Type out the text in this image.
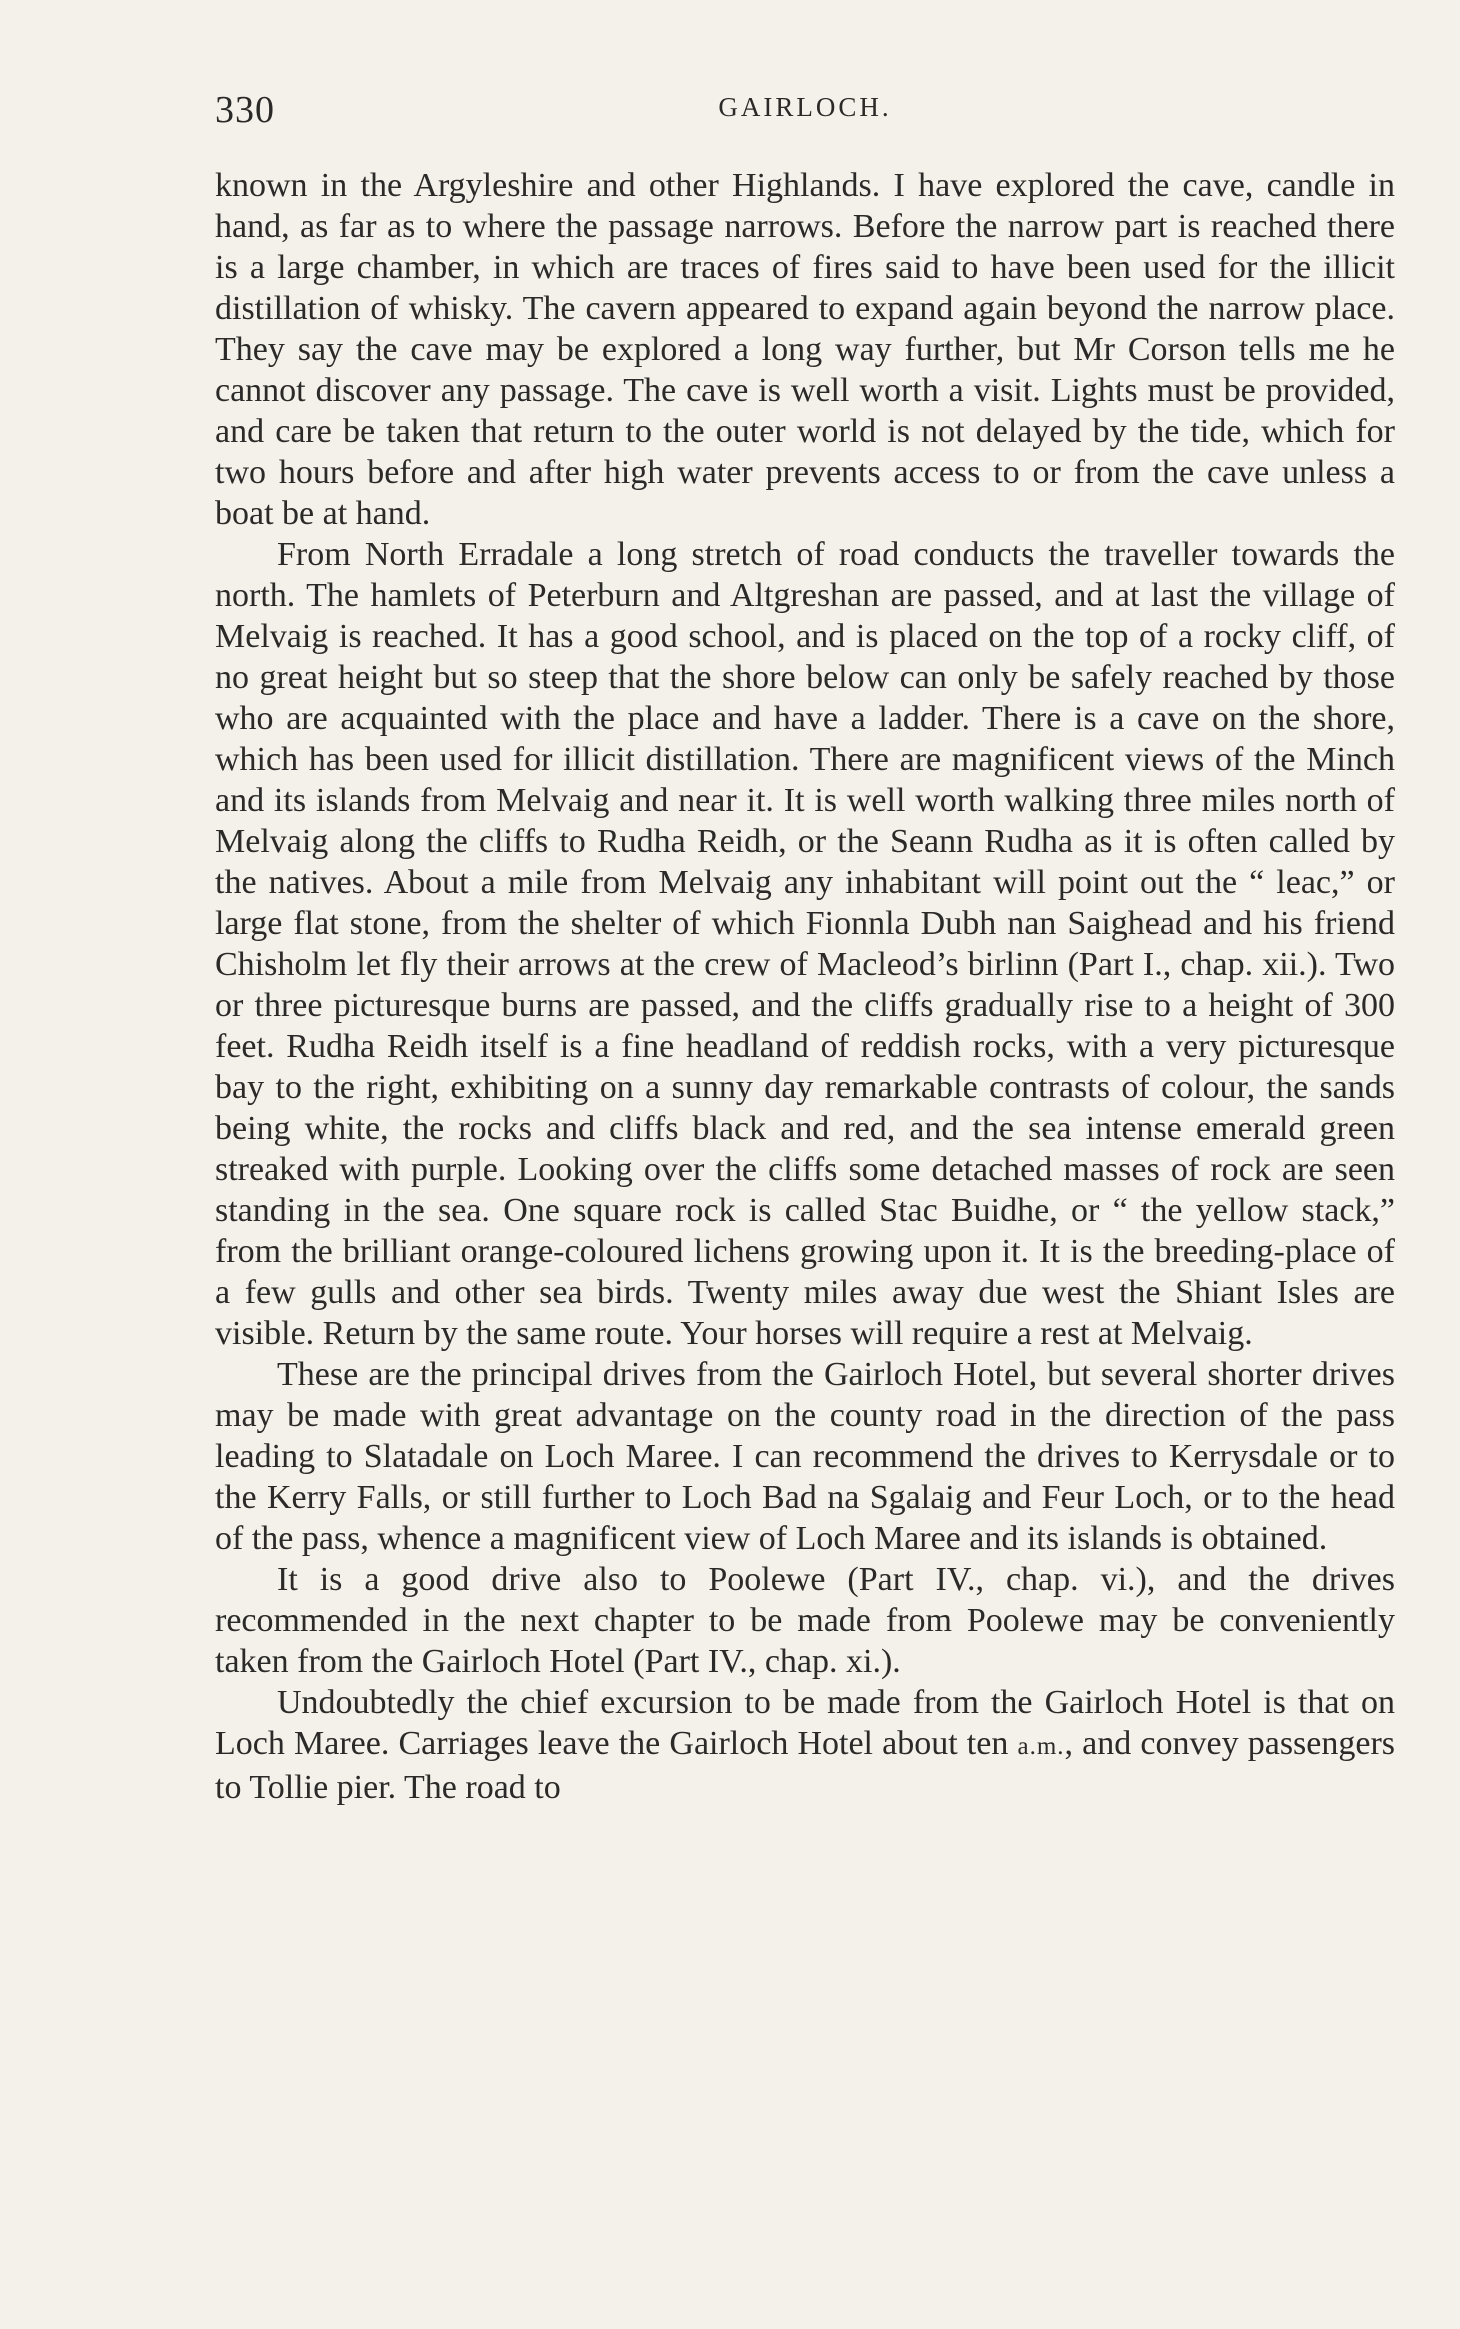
330	GAIRLOCH.

known in the Argyleshire and other Highlands. I have explored the cave, candle in hand, as far as to where the passage narrows. Before the narrow part is reached there is a large chamber, in which are traces of fires said to have been used for the illicit distillation of whisky. The cavern appeared to expand again beyond the narrow place. They say the cave may be explored a long way further, but Mr Corson tells me he cannot discover any passage. The cave is well worth a visit. Lights must be provided, and care be taken that return to the outer world is not delayed by the tide, which for two hours before and after high water prevents access to or from the cave unless a boat be at hand.

From North Erradale a long stretch of road conducts the traveller towards the north. The hamlets of Peterburn and Altgreshan are passed, and at last the village of Melvaig is reached. It has a good school, and is placed on the top of a rocky cliff, of no great height but so steep that the shore below can only be safely reached by those who are acquainted with the place and have a ladder. There is a cave on the shore, which has been used for illicit distillation. There are magnificent views of the Minch and its islands from Melvaig and near it. It is well worth walking three miles north of Melvaig along the cliffs to Rudha Reidh, or the Seann Rudha as it is often called by the natives. About a mile from Melvaig any inhabitant will point out the “ leac,” or large flat stone, from the shelter of which Fionnla Dubh nan Saighead and his friend Chisholm let fly their arrows at the crew of Macleod’s birlinn (Part I., chap. xii.). Two or three picturesque burns are passed, and the cliffs gradually rise to a height of 300 feet. Rudha Reidh itself is a fine headland of reddish rocks, with a very picturesque bay to the right, exhibiting on a sunny day remarkable contrasts of colour, the sands being white, the rocks and cliffs black and red, and the sea intense emerald green streaked with purple. Looking over the cliffs some detached masses of rock are seen standing in the sea. One square rock is called Stac Buidhe, or “ the yellow stack,” from the brilliant orange-coloured lichens growing upon it. It is the breeding-place of a few gulls and other sea birds. Twenty miles away due west the Shiant Isles are visible. Return by the same route. Your horses will require a rest at Melvaig.

These are the principal drives from the Gairloch Hotel, but several shorter drives may be made with great advantage on the county road in the direction of the pass leading to Slatadale on Loch Maree. I can recommend the drives to Kerrysdale or to the Kerry Falls, or still further to Loch Bad na Sgalaig and Feur Loch, or to the head of the pass, whence a magnificent view of Loch Maree and its islands is obtained.

It is a good drive also to Poolewe (Part IV., chap. vi.), and the drives recommended in the next chapter to be made from Poolewe may be conveniently taken from the Gairloch Hotel (Part IV., chap. xi.).

Undoubtedly the chief excursion to be made from the Gairloch Hotel is that on Loch Maree. Carriages leave the Gairloch Hotel about ten a.m., and convey passengers to Tollie pier. The road to
